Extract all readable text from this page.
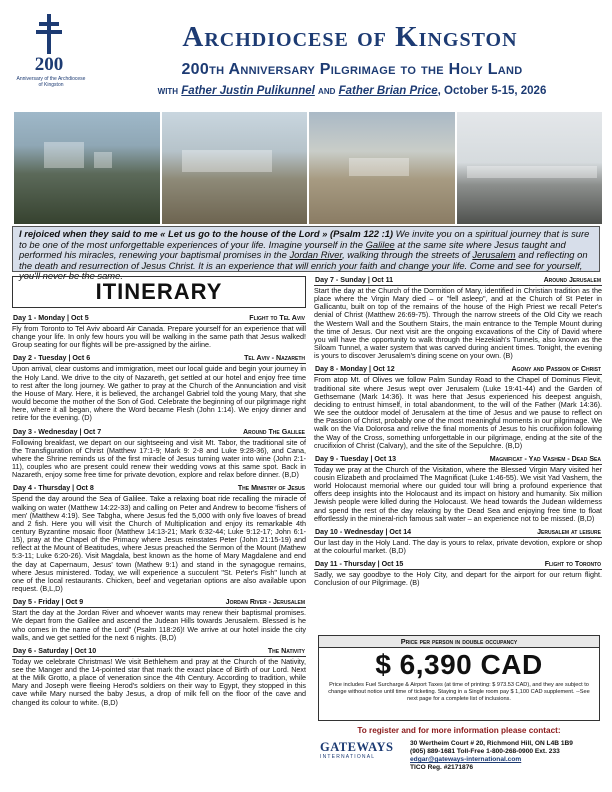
200
Anniversary of the Archdiocese of Kingston
Archdiocese of Kingston
200th Anniversary Pilgrimage to the Holy Land
with Father Justin Pulikunnel and Father Brian Price, October 5-15, 2026
I rejoiced when they said to me « Let us go to the house of the Lord » (Psalm 122 :1) We invite you on a spiritual journey that is sure to be one of the most unforgettable experiences of your life. Imagine yourself in the Galilee at the same site where Jesus taught and performed his miracles, renewing your baptismal promises in the Jordan River, walking through the streets of Jerusalem and reflecting on the death and resurrection of Jesus Christ. It is an experience that will enrich your faith and change your life. Come and see for yourself, you'll never be the same.
ITINERARY
Day 1 - Monday | Oct 5	Flight to Tel Aviv
Fly from Toronto to Tel Aviv aboard Air Canada. Prepare yourself for an experience that will change your life. In only few hours you will be walking in the same path that Jesus walked! Group seating for our flights will be pre-assigned by the airline.
Day 2 - Tuesday | Oct 6	Tel Aviv - Nazareth
Upon arrival, clear customs and immigration, meet our local guide and begin your journey in the Holy Land. We drive to the city of Nazareth, get settled at our hotel and enjoy free time to rest after the long journey. We gather to pray at the Church of the Annunciation and visit the House of Mary. Here, it is believed, the archangel Gabriel told the young Mary, that she would become the mother of the Son of God. Celebrate the beginning of our pilgrimage right here, where it all began, where the Word became Flesh (John 1:14). We enjoy dinner and retire for the evening. (D)
Day 3 - Wednesday | Oct 7	Around The Galilee
Following breakfast, we depart on our sightseeing and visit Mt. Tabor, the traditional site of the Transfiguration of Christ (Matthew 17:1-9; Mark 9: 2-8 and Luke 9:28-36), and Cana, where the Shrine reminds us of the first miracle of Jesus turning water into wine (John 2:1-11), couples who are present could renew their wedding vows at this same spot. Back in Nazareth, enjoy some free time for private devotion, explore and relax before dinner. (B,D)
Day 4 - Thursday | Oct 8	The Ministry of Jesus
Spend the day around the Sea of Galilee. Take a relaxing boat ride recalling the miracle of walking on water (Matthew 14:22-33) and calling on Peter and Andrew to become 'fishers of men' (Matthew 4:19). See Tabgha, where Jesus fed the 5,000 with only five loaves of bread and 2 fish. Here you will visit the Church of Multiplication and enjoy its remarkable 4th century Byzantine mosaic floor (Matthew 14:13-21; Mark 6:32-44; Luke 9:12-17; John 6:1-15), pray at the Chapel of the Primacy where Jesus reinstates Peter (John 21:15-19) and reflect at the Mount of Beatitudes, where Jesus preached the Sermon of the Mount (Mathew 5:3-11; Luke 6:20-26). Visit Magdala, best known as the home of Mary Magdalene and end the day at Capernaum, Jesus' town (Mathew 9:1) and stand in the synagogue remains, where Jesus ministered. Today, we will experience a succulent "St. Peter's Fish" lunch at one of the local restaurants. Chicken, beef and vegetarian options are also available upon request. (B,L,D)
Day 5 - Friday | Oct 9	Jordan River - Jerusalem
Start the day at the Jordan River and whoever wants may renew their baptismal promises. We depart from the Galilee and ascend the Judean Hills towards Jerusalem. Blessed is he who comes in the name of the Lord" (Psalm 118:26)! We arrive at our hotel inside the city walls, and we get settled for the next 6 nights. (B,D)
Day 6 - Saturday | Oct 10	The Nativity
Today we celebrate Christmas! We visit Bethlehem and pray at the Church of the Nativity, see the Manger and the 14-pointed star that mark the exact place of Birth of our Lord. Next at the Milk Grotto, a place of veneration since the 4th Century. According to tradition, while Mary and Joseph were fleeing Herod's soldiers on their way to Egypt, they stopped in this cave while Mary nursed the baby Jesus, a drop of milk fell on the floor of the cave and changed its colour to white. (B,D)
Day 7 - Sunday | Oct 11	Around Jerusalem
Start the day at the Church of the Dormition of Mary, identified in Christian tradition as the place where the Virgin Mary died – or "fell asleep", and at the Church of St Peter in Gallicantu, built on top of the remains of the house of the High Priest we recall Peter's denial of Christ (Matthew 26:69-75). Through the narrow streets of the Old City we reach the Western Wall and the Southern Stairs, the main entrance to the Temple Mount during the time of Jesus. Our next visit are the ongoing excavations of the City of David where you will have the opportunity to walk through the Hezekiah's Tunnels, also known as the Siloam Tunnel, a water system that was carved during ancient times. Tonight, the evening is yours to discover Jerusalem's dining scene on your own. (B)
Day 8 - Monday | Oct 12	Agony and Passion of Christ
From atop Mt. of Olives we follow Palm Sunday Road to the Chapel of Dominus Flevit, traditional site where Jesus wept over Jerusalem (Luke 19:41-44) and the Garden of Gethsemane (Mark 14:36). It was here that Jesus experienced his deepest anguish, deciding to entrust himself, in total abandonment, to the will of the Father (Mark 14:36). We see the outdoor model of Jerusalem at the time of Jesus and we pause to reflect on the Passion of Christ, probably one of the most meaningful moments in our pilgrimage. We walk on the Via Dolorosa and relive the final moments of Jesus to his crucifixion following the Way of the Cross, something unforgettable in our pilgrimage, ending at the site of the crucifixion of Christ (Calvary), and the site of the Sepulchre. (B,D)
Day 9 - Tuesday | Oct 13	Magnificat - Yad Vashem - Dead Sea
Today we pray at the Church of the Visitation, where the Blessed Virgin Mary visited her cousin Elizabeth and proclaimed The Magnificat (Luke 1:46-55). We visit Yad Vashem, the world Holocaust memorial where our guided tour will bring a profound experience that offers deep insights into the Holocaust and its impact on history and humanity. Six million Jewish people were killed during the Holocaust. We head towards the Judean wilderness and spend the rest of the day relaxing by the Dead Sea and enjoying free time to float effortlessly in the mineral-rich famous salt water – an experience not to be missed. (B,D)
Day 10 - Wednesday | Oct 14	Jerusalem at leisure
Our last day in the Holy Land. The day is yours to relax, private devotion, explore or shop at the colourful market. (B,D)
Day 11 - Thursday | Oct 15	Flight to Toronto
Sadly, we say goodbye to the Holy City, and depart for the airport for our return flight. Conclusion of our Pilgrimage. (B)
Price per person in double occupancy
$ 6,390 CAD
Price includes Fuel Surcharge & Airport Taxes (at time of printing: $ 973.53 CAD), and they are subject to change without notice until time of ticketing. Staying in a Single room pay $ 1,100 CAD supplement. --See next page for a complete list of inclusions.
To register and for more information please contact:
GATEWAYS
INTERNATIONAL
30 Wertheim Court # 20, Richmond Hill, ON L4B 1B9
(905) 889-1681 Toll-Free 1-800-268-0900 Ext. 233
edgar@gateways-international.com
TICO Reg. #2171876
